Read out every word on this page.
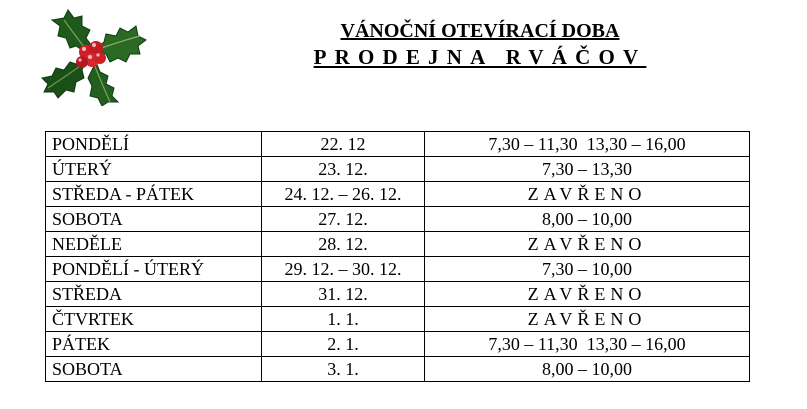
VÁNOČNÍ OTEVÍRACÍ DOBA
PRODEJNA RVÁČOV
PONDĚLÍ	22. 12	7,30 – 11,30  13,30 – 16,00
ÚTERÝ	23. 12.	7,30 – 13,30
STŘEDA - PÁTEK	24. 12. – 26. 12.	ZAVŘENO
SOBOTA	27. 12.	8,00 – 10,00
NEDĚLE	28. 12.	ZAVŘENO
PONDĚLÍ - ÚTERÝ	29. 12. – 30. 12.	7,30 – 10,00
STŘEDA	31. 12.	ZAVŘENO
ČTVRTEK	1. 1.	ZAVŘENO
PÁTEK	2. 1.	7,30 – 11,30  13,30 – 16,00
SOBOTA	3. 1.	8,00 – 10,00
